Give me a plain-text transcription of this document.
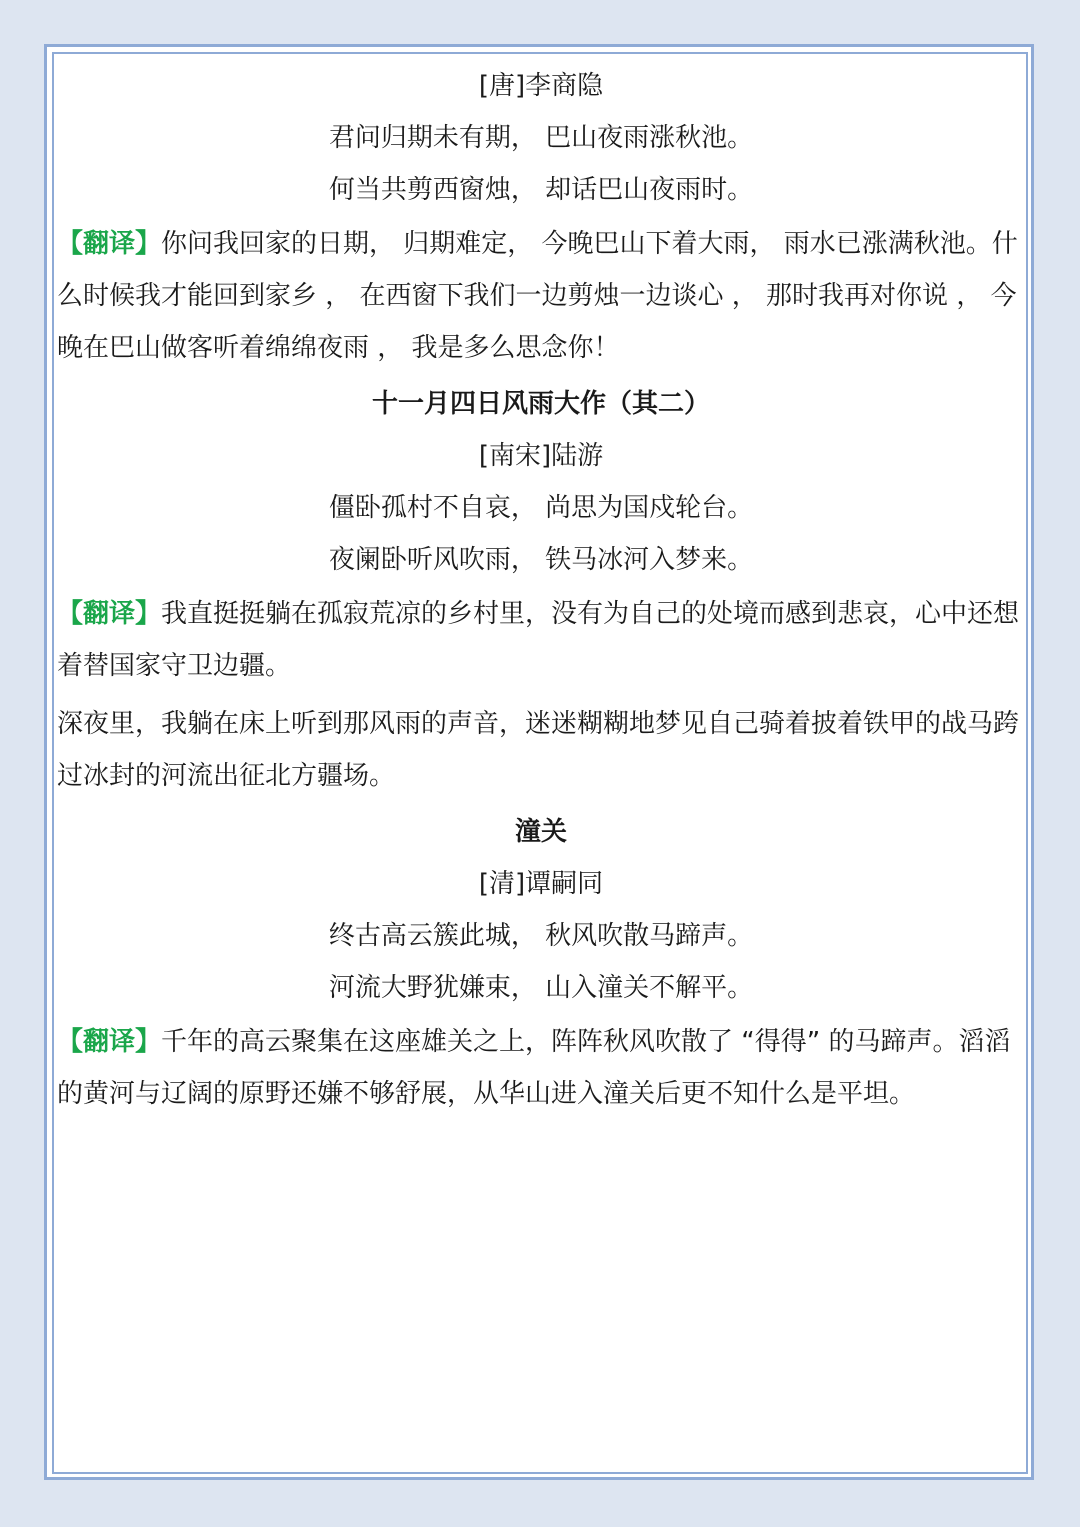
[唐]李商隐
君问归期未有期， 巴山夜雨涨秋池。
何当共剪西窗烛， 却话巴山夜雨时。

【翻译】你问我回家的日期， 归期难定， 今晚巴山下着大雨， 雨水已涨满秋池。什么时候我才能回到家乡 ， 在西窗下我们一边剪烛一边谈心 ， 那时我再对你说 ， 今晚在巴山做客听着绵绵夜雨 ， 我是多么思念你！

十一月四日风雨大作（其二）
[南宋]陆游
僵卧孤村不自哀， 尚思为国戍轮台。
夜阑卧听风吹雨， 铁马冰河入梦来。

【翻译】我直挺挺躺在孤寂荒凉的乡村里，没有为自己的处境而感到悲哀，心中还想着替国家守卫边疆。

深夜里，我躺在床上听到那风雨的声音，迷迷糊糊地梦见自己骑着披着铁甲的战马跨过冰封的河流出征北方疆场。

潼关
[清]谭嗣同
终古高云簇此城， 秋风吹散马蹄声。
河流大野犹嫌束， 山入潼关不解平。

【翻译】千年的高云聚集在这座雄关之上，阵阵秋风吹散了 “得得” 的马蹄声。滔滔的黄河与辽阔的原野还嫌不够舒展，从华山进入潼关后更不知什么是平坦。
